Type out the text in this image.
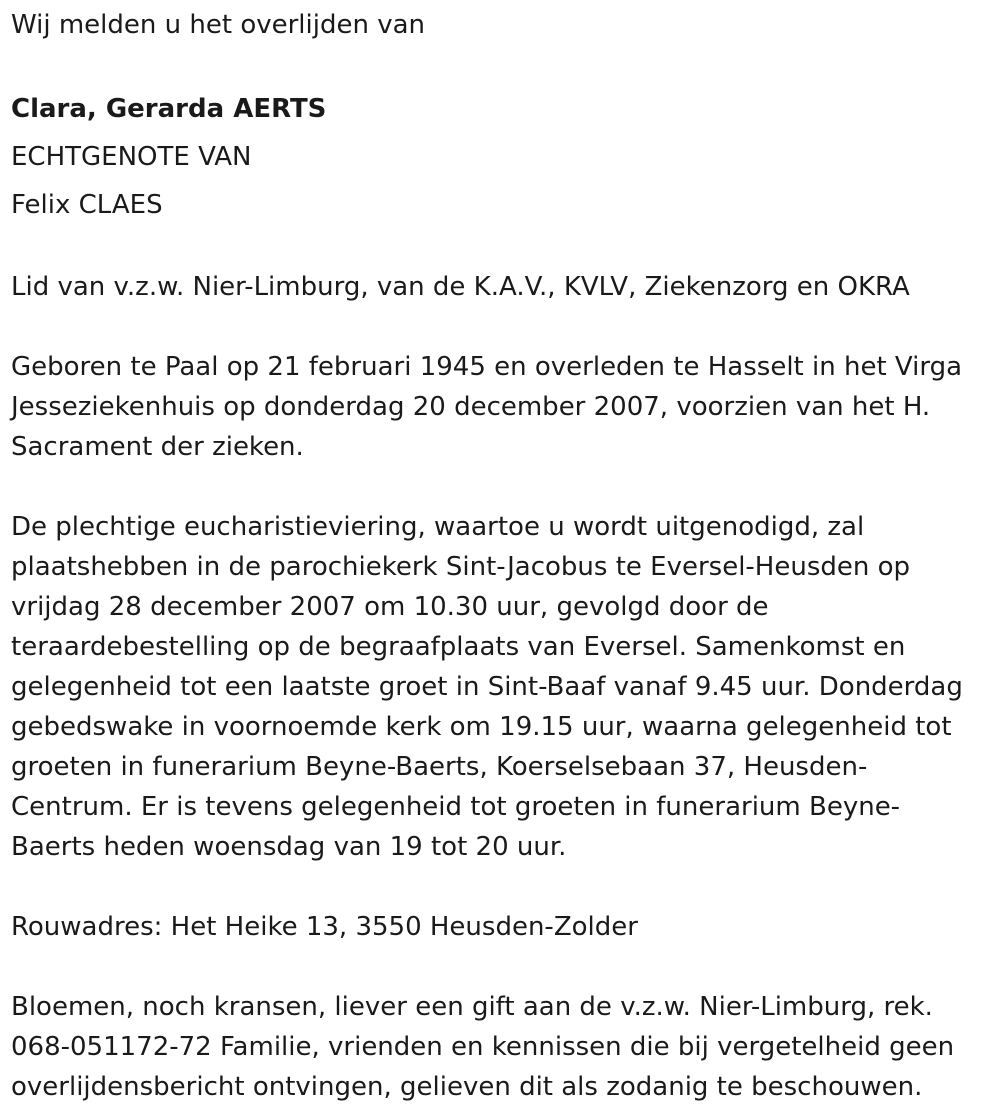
Wij melden u het overlijden van

Clara, Gerarda AERTS

ECHTGENOTE VAN

Felix CLAES

Lid van v.z.w. Nier-Limburg, van de K.A.V., KVLV, Ziekenzorg en OKRA

Geboren te Paal op 21 februari 1945 en overleden te Hasselt in het Virga

Jesseziekenhuis op donderdag 20 december 2007, voorzien van het H.

Sacrament der zieken.

De plechtige eucharistieviering, waartoe u wordt uitgenodigd, zal

plaatshebben in de parochiekerk Sint-Jacobus te Eversel-Heusden op

vrijdag 28 december 2007 om 10.30 uur, gevolgd door de

teraardebestelling op de begraafplaats van Eversel. Samenkomst en

gelegenheid tot een laatste groet in Sint-Baaf vanaf 9.45 uur. Donderdag

gebedswake in voornoemde kerk om 19.15 uur, waarna gelegenheid tot

groeten in funerarium Beyne-Baerts, Koerselsebaan 37, Heusden-

Centrum. Er is tevens gelegenheid tot groeten in funerarium Beyne-

Baerts heden woensdag van 19 tot 20 uur.

Rouwadres: Het Heike 13, 3550 Heusden-Zolder

Bloemen, noch kransen, liever een gift aan de v.z.w. Nier-Limburg, rek.

068-051172-72 Familie, vrienden en kennissen die bij vergetelheid geen

overlijdensbericht ontvingen, gelieven dit als zodanig te beschouwen.
